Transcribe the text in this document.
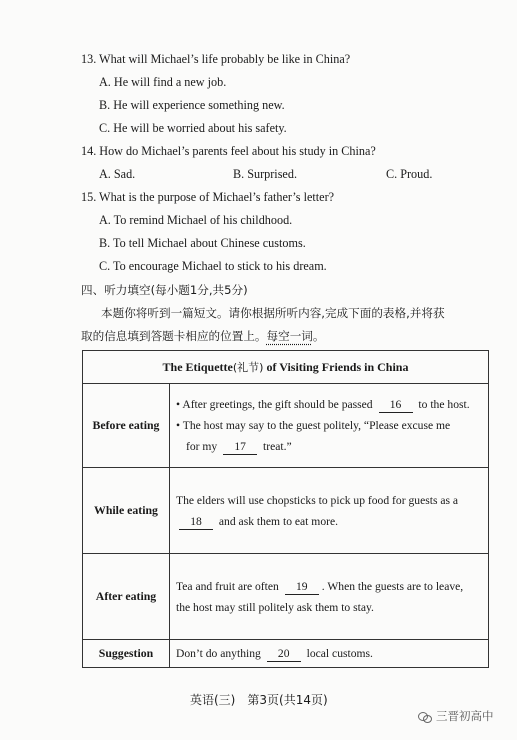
13. What will Michael’s life probably be like in China?
A. He will find a new job.
B. He will experience something new.
C. He will be worried about his safety.
14. How do Michael’s parents feel about his study in China?
A. Sad.	B. Surprised.	C. Proud.
15. What is the purpose of Michael’s father’s letter?
A. To remind Michael of his childhood.
B. To tell Michael about Chinese customs.
C. To encourage Michael to stick to his dream.
四、听力填空(每小题1分,共5分)
本题你将听到一篇短文。请你根据所听内容,完成下面的表格,并将获
取的信息填到答题卡相应的位置上。每空一词。
The Etiquette(礼节) of Visiting Friends in China	
Before eating	• After greetings, the gift should be passed 16 to the host.
• The host may say to the guest politely, “Please excuse me
for my 17 treat.”

While eating	The elders will use chopsticks to pick up food for guests as a
18 and ask them to eat more.

After eating	Tea and fruit are often 19 . When the guests are to leave,
the host may still politely ask them to stay.

Suggestion	Don’t do anything 20 local customs.
英语(三) 第3页(共14页)
三晋初高中
